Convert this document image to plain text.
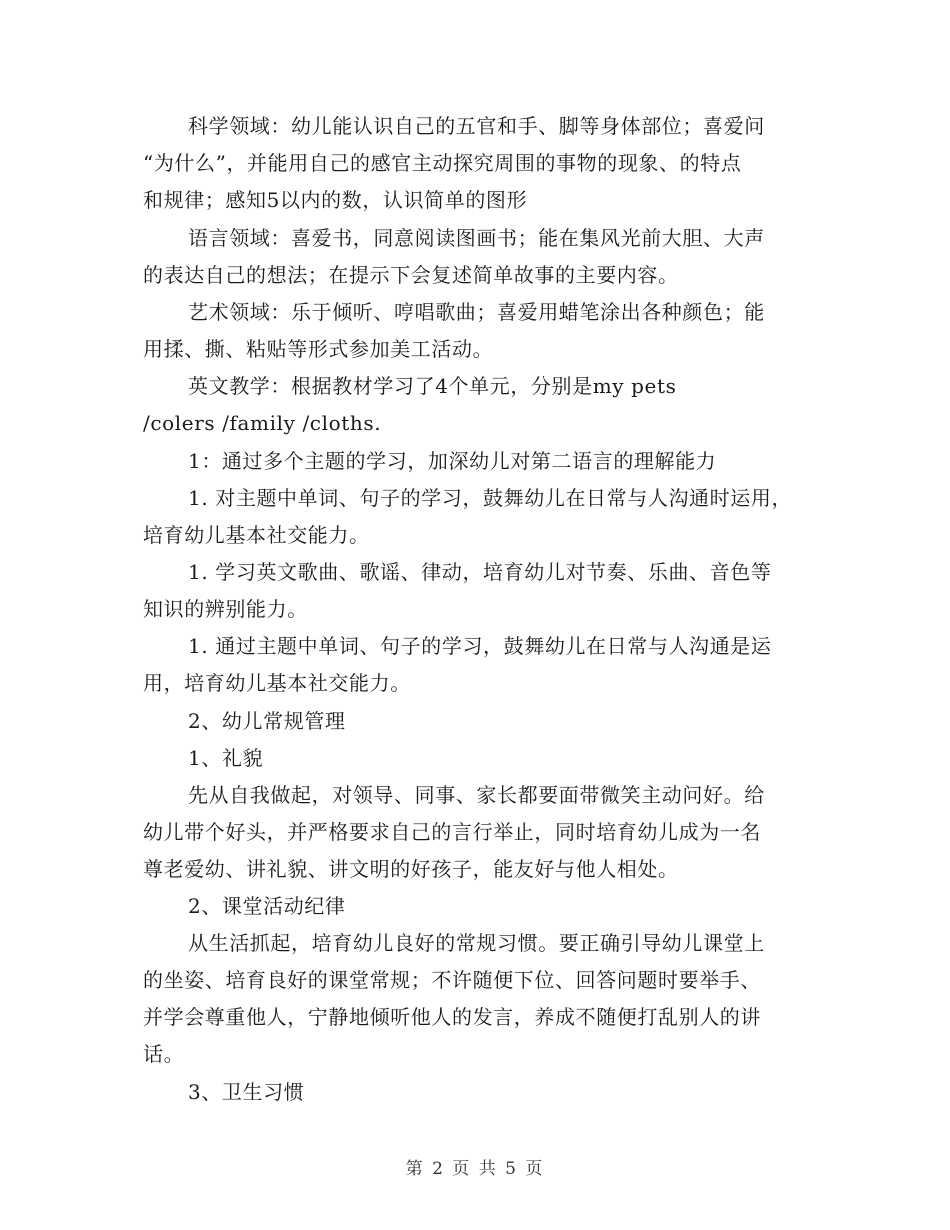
科学领域：幼儿能认识自己的五官和手、脚等身体部位；喜爱问
“为什么”，并能用自己的感官主动探究周围的事物的现象、的特点
和规律；感知5以内的数，认识简单的图形
语言领域：喜爱书，同意阅读图画书；能在集风光前大胆、大声
的表达自己的想法；在提示下会复述简单故事的主要内容。
艺术领域：乐于倾听、哼唱歌曲；喜爱用蜡笔涂出各种颜色；能
用揉、撕、粘贴等形式参加美工活动。
英文教学：根据教材学习了4个单元，分别是my pets
/colers /family /cloths.
1：通过多个主题的学习，加深幼儿对第二语言的理解能力
1. 对主题中单词、句子的学习，鼓舞幼儿在日常与人沟通时运用，
培育幼儿基本社交能力。
1. 学习英文歌曲、歌谣、律动，培育幼儿对节奏、乐曲、音色等
知识的辨别能力。
1. 通过主题中单词、句子的学习，鼓舞幼儿在日常与人沟通是运
用，培育幼儿基本社交能力。
2、幼儿常规管理
1、礼貌
先从自我做起，对领导、同事、家长都要面带微笑主动问好。给
幼儿带个好头，并严格要求自己的言行举止，同时培育幼儿成为一名
尊老爱幼、讲礼貌、讲文明的好孩子，能友好与他人相处。
2、课堂活动纪律
从生活抓起，培育幼儿良好的常规习惯。要正确引导幼儿课堂上
的坐姿、培育良好的课堂常规；不许随便下位、回答问题时要举手、
并学会尊重他人，宁静地倾听他人的发言，养成不随便打乱别人的讲
话。
3、卫生习惯
第 2 页 共 5 页
